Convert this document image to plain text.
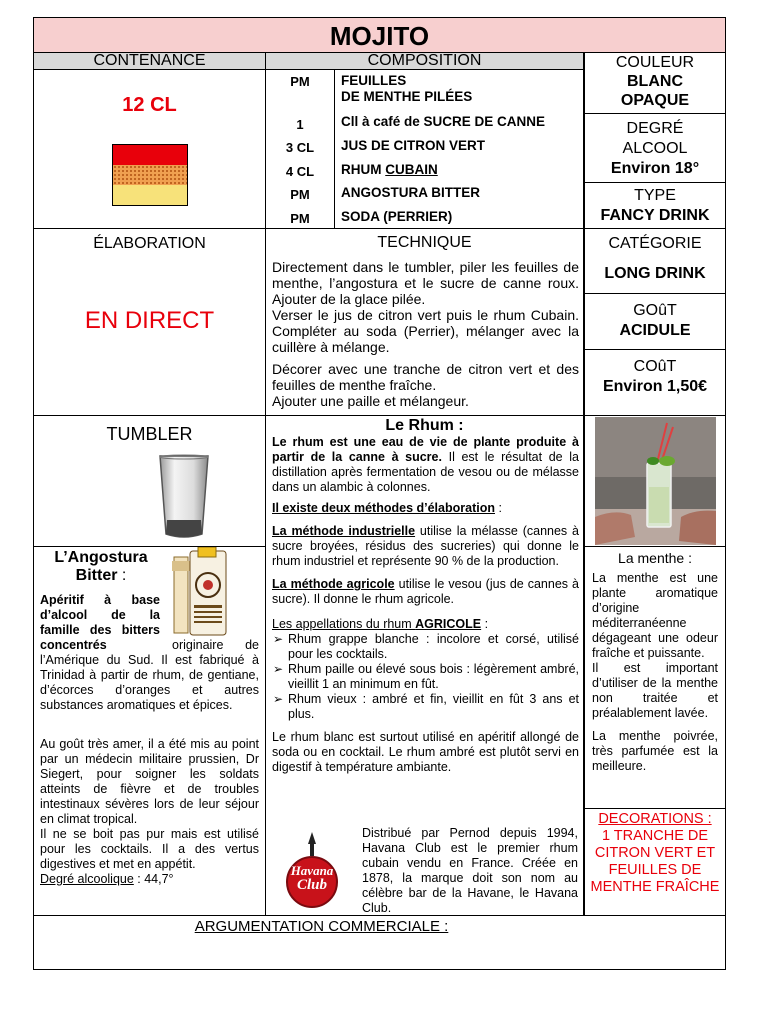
MOJITO
CONTENANCE	COMPOSITION
12 CL
PM	FEUILLES
DE MENTHE PILÉES
1	Cll à café de SUCRE DE CANNE
3 CL	JUS DE CITRON VERT
4 CL	RHUM CUBAIN
PM	ANGOSTURA BITTER
PM	SODA (PERRIER)
COULEUR
BLANC
OPAQUE
DEGRÉ
ALCOOL
Environ 18°
TYPE
FANCY DRINK
CATÉGORIE
LONG DRINK
GOûT
ACIDULE
COûT
Environ 1,50€
ÉLABORATION
EN DIRECT
TECHNIQUE
Directement dans le tumbler, piler les feuilles de menthe, l’angostura et le sucre de canne roux. Ajouter de la glace pilée.
Verser le jus de citron vert puis le rhum Cubain. Compléter au soda (Perrier), mélanger avec la cuillère à mélange.
Décorer avec une tranche de citron vert et des feuilles de menthe fraîche.
Ajouter une paille et mélangeur.
TUMBLER
L’Angostura
Bitter :
Apéritif à base d’alcool de la famille des bitters concentrés	originaire de l’Amérique du Sud. Il est fabriqué à Trinidad à partir de rhum, de gentiane, d’écorces d’oranges et autres substances aromatiques et épices.
Au goût très amer, il a été mis au point par un médecin militaire prussien, Dr Siegert, pour soigner les soldats atteints de fièvre et de troubles intestinaux sévères lors de leur séjour en climat tropical.
Il ne se boit pas pur mais est utilisé pour les cocktails. Il a des vertus digestives et met en appétit.
Degré alcoolique : 44,7°
Le Rhum :
Le rhum est une eau de vie de plante produite à partir de la canne à sucre. Il est le résultat de la distillation après fermentation de vesou ou de mélasse dans un alambic à colonnes.
Il existe deux méthodes d’élaboration :
La méthode industrielle utilise la mélasse (cannes à sucre broyées, résidus des sucreries) qui donne le rhum industriel et représente 90 % de la production.
La méthode agricole utilise le vesou (jus de cannes à sucre). Il donne le rhum agricole.
Les appellations du rhum AGRICOLE :
➢ Rhum grappe blanche : incolore et corsé, utilisé pour les cocktails.
➢ Rhum paille ou élevé sous bois : légèrement ambré, vieillit 1 an minimum en fût.
➢ Rhum vieux : ambré et fin, vieillit en fût 3 ans et plus.
Le rhum blanc est surtout utilisé en apéritif allongé de soda ou en cocktail. Le rhum ambré est plutôt servi en digestif à température ambiante.
Havana
Club
Distribué par Pernod depuis 1994, Havana Club est le premier rhum cubain vendu en France. Créée en 1878, la marque doit son nom au célèbre bar de la Havane, le Havana Club.
La menthe :
La menthe est une plante aromatique d’origine méditerranéenne dégageant une odeur fraîche et puissante.
Il est important d’utiliser de la menthe non traitée et préalablement lavée.
La menthe poivrée, très parfumée est la meilleure.
DECORATIONS :
1 TRANCHE DE CITRON VERT ET FEUILLES DE MENTHE FRAÎCHE
ARGUMENTATION COMMERCIALE :
